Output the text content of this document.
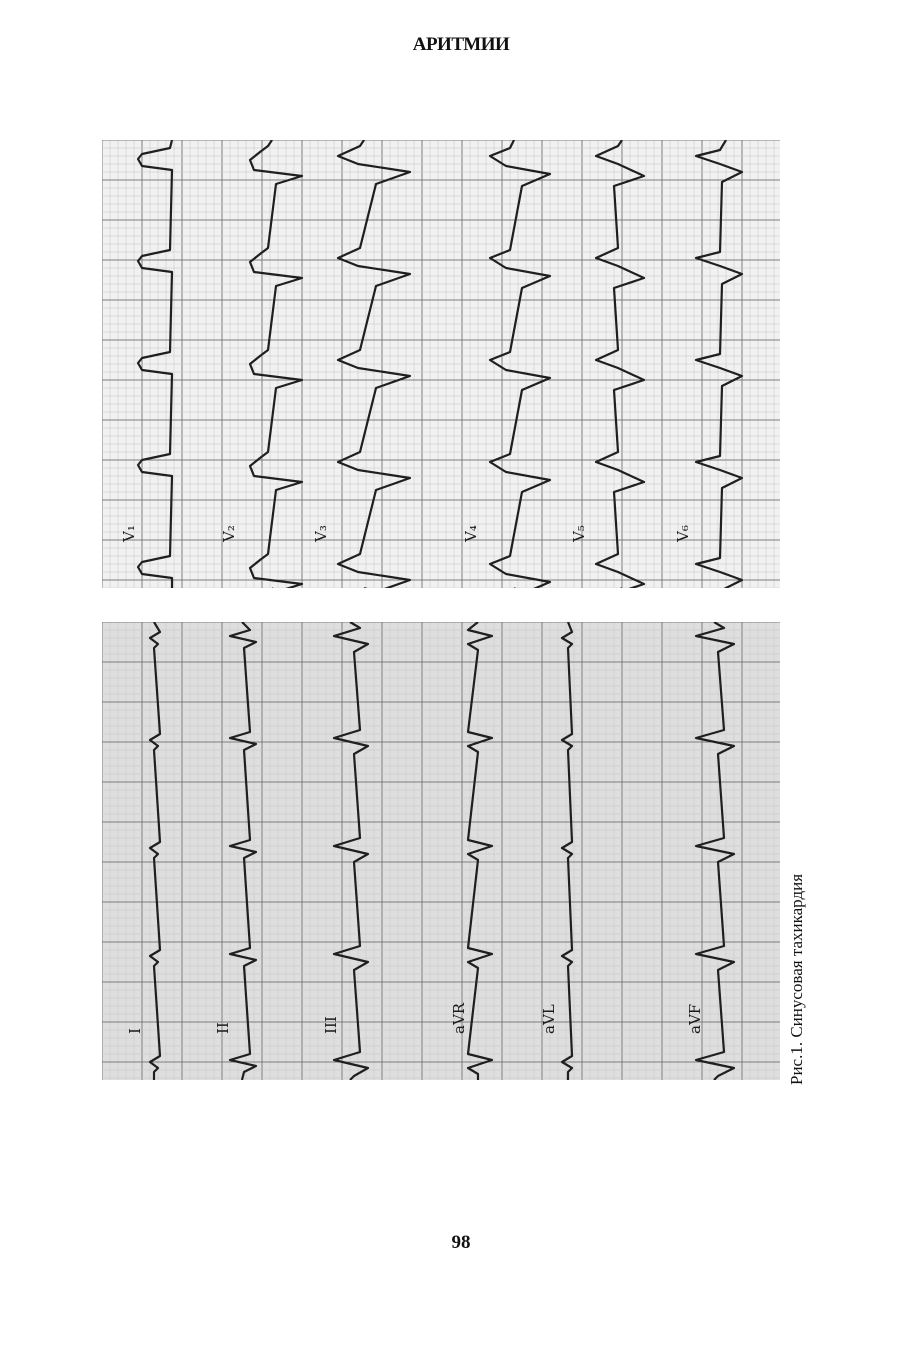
АРИТМИИ
V₁	V₂	V₃	V₄	V₅	V₆
I	II	III	aVR	aVL	aVF	Рис.1. Синусовая тахикардия
98
